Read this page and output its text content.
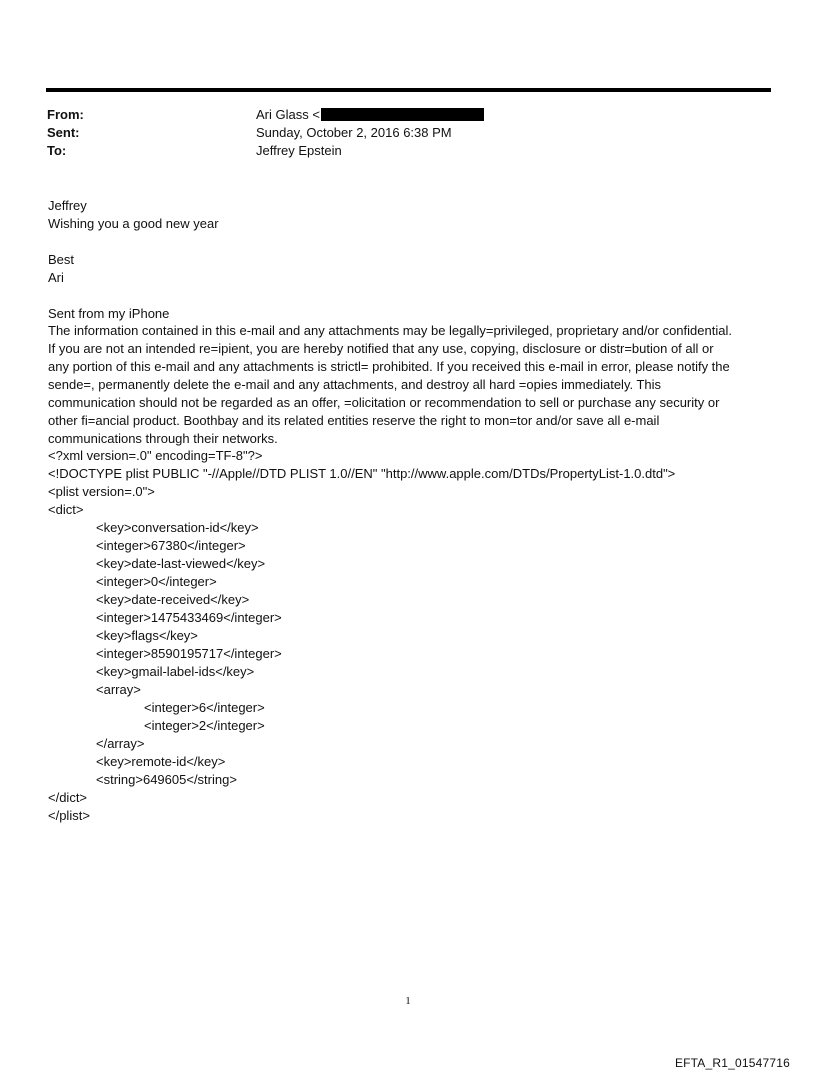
From:	Ari Glass <
Sent:	Sunday, October 2, 2016 6:38 PM
To:	Jeffrey Epstein
Jeffrey
Wishing you a good new year
Best
Ari
Sent from my iPhone
The information contained in this e-mail and any attachments may be legally=privileged, proprietary and/or confidential.
If you are not an intended re=ipient, you are hereby notified that any use, copying, disclosure or distr=bution of all or
any portion of this e-mail and any attachments is strictl= prohibited. If you received this e-mail in error, please notify the
sende=, permanently delete the e-mail and any attachments, and destroy all hard =opies immediately. This
communication should not be regarded as an offer, =olicitation or recommendation to sell or purchase any security or
other fi=ancial product. Boothbay and its related entities reserve the right to mon=tor and/or save all e-mail
communications through their networks.
<?xml version=.0" encoding=TF-8"?>
<!DOCTYPE plist PUBLIC "-//Apple//DTD PLIST 1.0//EN" "http://www.apple.com/DTDs/PropertyList-1.0.dtd">
<plist version=.0">
<dict>
<key>conversation-id</key>
<integer>67380</integer>
<key>date-last-viewed</key>
<integer>0</integer>
<key>date-received</key>
<integer>1475433469</integer>
<key>flags</key>
<integer>8590195717</integer>
<key>gmail-label-ids</key>
<array>
<integer>6</integer>
<integer>2</integer>
</array>
<key>remote-id</key>
<string>649605</string>
</dict>
</plist>
1
EFTA_R1_01547716
